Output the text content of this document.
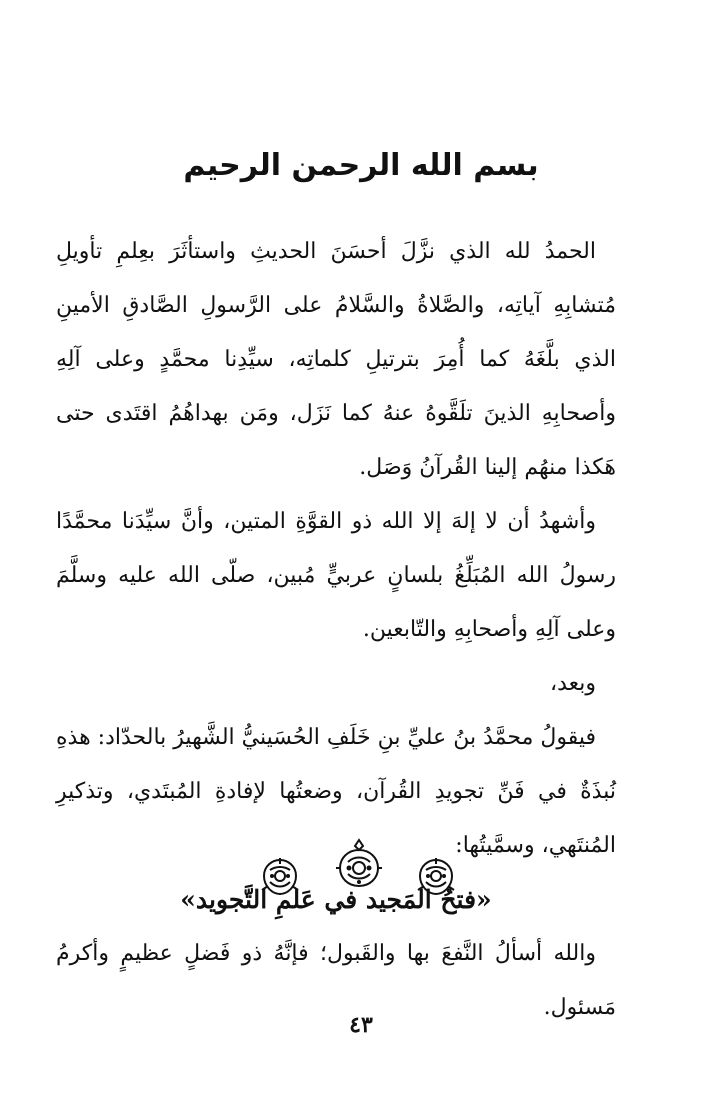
بسم الله الرحمن الرحيم

الحمدُ لله الذي نزَّلَ أحسَنَ الحديثِ واستأثَرَ بعِلمِ تأويلِ مُتشابِهِ آياتِه، والصَّلاةُ والسَّلامُ على الرَّسولِ الصَّادقِ الأمينِ الذي بلَّغَهُ كما أُمِرَ بترتيلِ كلماتِه، سيِّدِنا محمَّدٍ وعلى آلِهِ وأصحابِهِ الذينَ تلَقَّوهُ عنهُ كما نَزَل، ومَن بهداهُمُ اقتَدى حتى هَكذا منهُم إلينا القُرآنُ وَصَل.

وأشهدُ أن لا إلهَ إلا الله ذو القوَّةِ المتين، وأنَّ سيِّدَنا محمَّدًا رسولُ الله المُبَلِّغُ بلسانٍ عربيٍّ مُبين، صلّى الله عليه وسلَّمَ وعلى آلِهِ وأصحابِهِ والتّابعين.

وبعد،

فيقولُ محمَّدُ بنُ عليِّ بنِ خَلَفِ الحُسَينيُّ الشَّهيرُ بالحدّاد: هذهِ نُبذَةٌ في فَنِّ تجويدِ القُرآن، وضعتُها لإفادةِ المُبتَدي، وتذكيرِ المُنتَهي، وسمَّيتُها:

«فتحُ المَجيد في عَلمِ التَّجويد»

والله أسألُ النَّفعَ بها والقَبول؛ فإنَّهُ ذو فَضلٍ عظيمٍ وأكرمُ مَسئول.

٤٣
